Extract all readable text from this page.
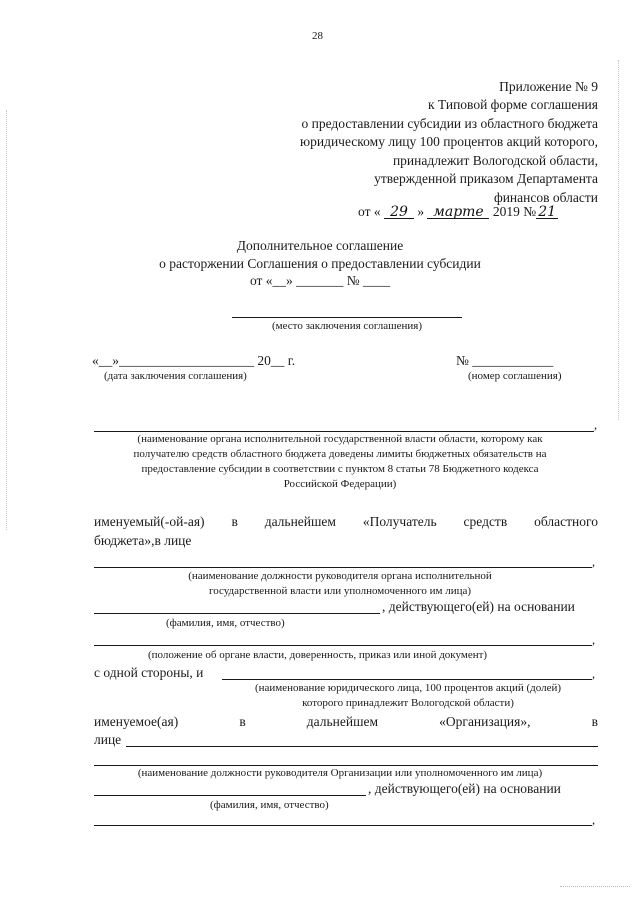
28
Приложение № 9
к Типовой форме соглашения
о предоставлении субсидии из областного бюджета
юридическому лицу 100 процентов акций которого,
принадлежит Вологодской области,
утвержденной приказом Департамента
финансов области
от « 29 » марте 2019 № 21
Дополнительное соглашение
о расторжении Соглашения о предоставлении субсидии
от «__» _______ № ____
(место заключения соглашения)
«__»____________________ 20__ г.
(дата заключения соглашения)
№ ____________
(номер соглашения)
,
(наименование органа исполнительной государственной власти области, которому как
получателю средств областного бюджета доведены лимиты бюджетных обязательств на
предоставление субсидии в соответствии с пунктом 8 статьи 78 Бюджетного кодекса
Российской Федерации)
именуемый(-ой-ая) в дальнейшем «Получатель средств областного
бюджета»,в лице
,
(наименование должности руководителя органа исполнительной
государственной власти или уполномоченного им лица)
, действующего(ей) на основании
(фамилия, имя, отчество)
,
(положение об органе власти, доверенность, приказ или иной документ)
с одной стороны, и	,
(наименование юридического лица, 100 процентов акций (долей)
которого принадлежит Вологодской области)
именуемое(ая)	в	дальнейшем	«Организация»,	в
лице
(наименование должности руководителя Организации или уполномоченного им лица)
, действующего(ей) на основании
(фамилия, имя, отчество)
,
